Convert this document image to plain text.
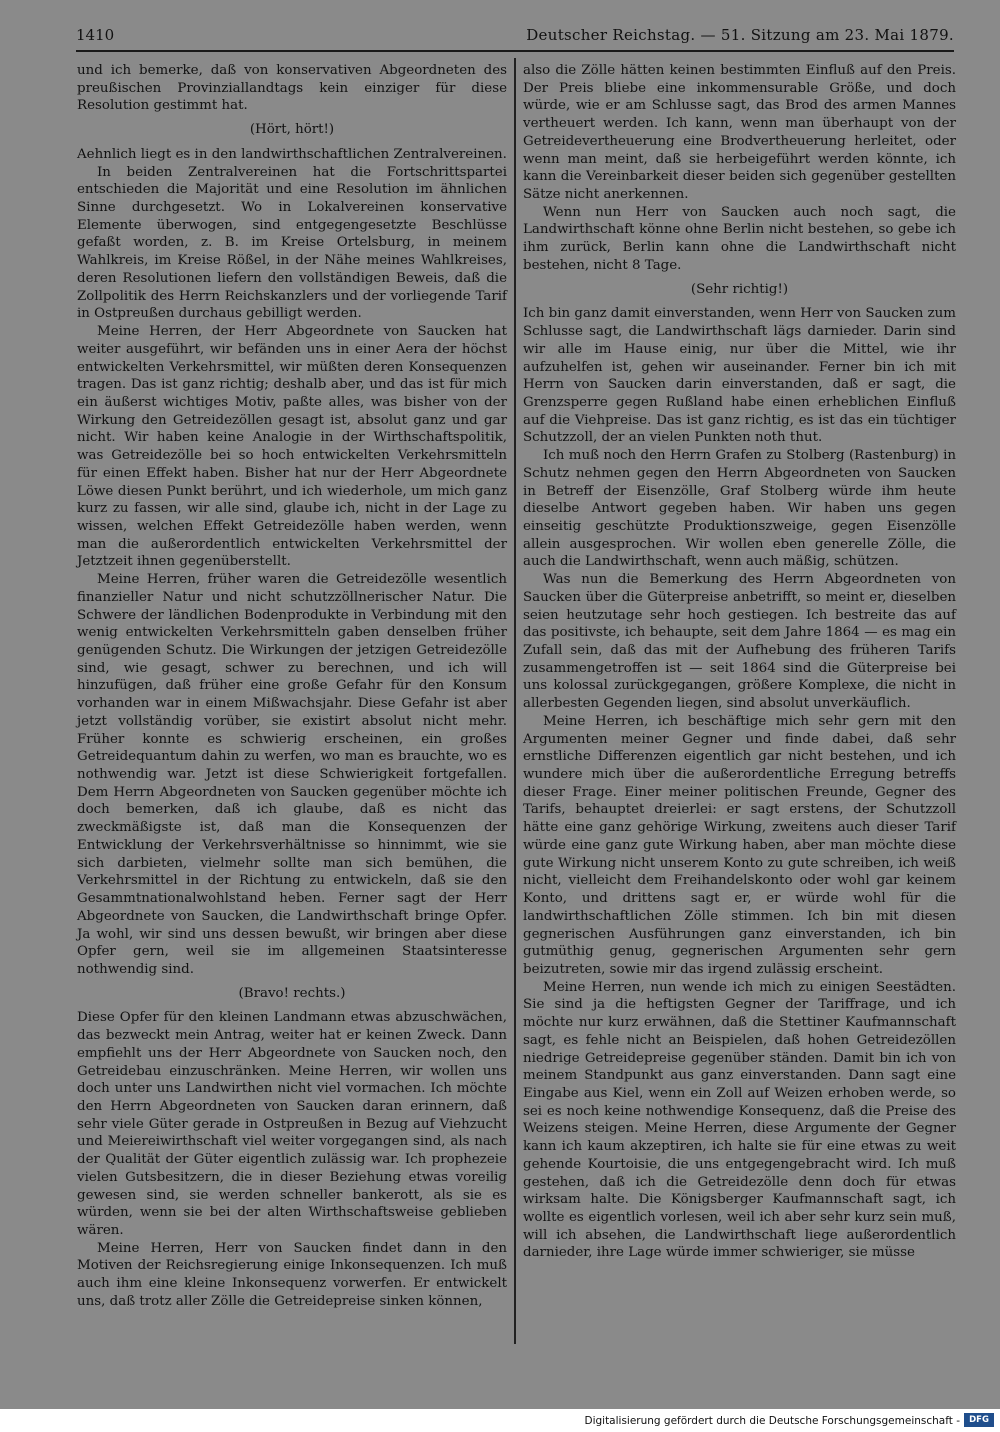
1410	Deutscher Reichstag. — 51. Sitzung am 23. Mai 1879.

und ich bemerke, daß von konservativen Abgeordneten des preußischen Provinziallandtags kein einziger für diese Resolution gestimmt hat.

(Hört, hört!)

Aehnlich liegt es in den landwirthschaftlichen Zentralvereinen.

In beiden Zentralvereinen hat die Fortschrittspartei entschieden die Majorität und eine Resolution im ähnlichen Sinne durchgesetzt. Wo in Lokalvereinen konservative Elemente überwogen, sind entgegengesetzte Beschlüsse gefaßt worden, z. B. im Kreise Ortelsburg, in meinem Wahlkreis, im Kreise Rößel, in der Nähe meines Wahlkreises, deren Resolutionen liefern den vollständigen Beweis, daß die Zollpolitik des Herrn Reichskanzlers und der vorliegende Tarif in Ostpreußen durchaus gebilligt werden.

Meine Herren, der Herr Abgeordnete von Saucken hat weiter ausgeführt, wir befänden uns in einer Aera der höchst entwickelten Verkehrsmittel, wir müßten deren Konsequenzen tragen. Das ist ganz richtig; deshalb aber, und das ist für mich ein äußerst wichtiges Motiv, paßte alles, was bisher von der Wirkung den Getreidezöllen gesagt ist, absolut ganz und gar nicht. Wir haben keine Analogie in der Wirthschaftspolitik, was Getreidezölle bei so hoch entwickelten Verkehrsmitteln für einen Effekt haben. Bisher hat nur der Herr Abgeordnete Löwe diesen Punkt berührt, und ich wiederhole, um mich ganz kurz zu fassen, wir alle sind, glaube ich, nicht in der Lage zu wissen, welchen Effekt Getreidezölle haben werden, wenn man die außerordentlich entwickelten Verkehrsmittel der Jetztzeit ihnen gegenüberstellt.

Meine Herren, früher waren die Getreidezölle wesentlich finanzieller Natur und nicht schutzzöllnerischer Natur. Die Schwere der ländlichen Bodenprodukte in Verbindung mit den wenig entwickelten Verkehrsmitteln gaben denselben früher genügenden Schutz. Die Wirkungen der jetzigen Getreidezölle sind, wie gesagt, schwer zu berechnen, und ich will hinzufügen, daß früher eine große Gefahr für den Konsum vorhanden war in einem Mißwachsjahr. Diese Gefahr ist aber jetzt vollständig vorüber, sie existirt absolut nicht mehr. Früher konnte es schwierig erscheinen, ein großes Getreidequantum dahin zu werfen, wo man es brauchte, wo es nothwendig war. Jetzt ist diese Schwierigkeit fortgefallen. Dem Herrn Abgeordneten von Saucken gegenüber möchte ich doch bemerken, daß ich glaube, daß es nicht das zweckmäßigste ist, daß man die Konsequenzen der Entwicklung der Verkehrsverhältnisse so hinnimmt, wie sie sich darbieten, vielmehr sollte man sich bemühen, die Verkehrsmittel in der Richtung zu entwickeln, daß sie den Gesammtnationalwohlstand heben. Ferner sagt der Herr Abgeordnete von Saucken, die Landwirthschaft bringe Opfer. Ja wohl, wir sind uns dessen bewußt, wir bringen aber diese Opfer gern, weil sie im allgemeinen Staatsinteresse nothwendig sind.

(Bravo! rechts.)

Diese Opfer für den kleinen Landmann etwas abzuschwächen, das bezweckt mein Antrag, weiter hat er keinen Zweck. Dann empfiehlt uns der Herr Abgeordnete von Saucken noch, den Getreidebau einzuschränken. Meine Herren, wir wollen uns doch unter uns Landwirthen nicht viel vormachen. Ich möchte den Herrn Abgeordneten von Saucken daran erinnern, daß sehr viele Güter gerade in Ostpreußen in Bezug auf Viehzucht und Meiereiwirthschaft viel weiter vorgegangen sind, als nach der Qualität der Güter eigentlich zulässig war. Ich prophezeie vielen Gutsbesitzern, die in dieser Beziehung etwas voreilig gewesen sind, sie werden schneller bankerott, als sie es würden, wenn sie bei der alten Wirthschaftsweise geblieben wären.

Meine Herren, Herr von Saucken findet dann in den Motiven der Reichsregierung einige Inkonsequenzen. Ich muß auch ihm eine kleine Inkonsequenz vorwerfen. Er entwickelt uns, daß trotz aller Zölle die Getreidepreise sinken können,

also die Zölle hätten keinen bestimmten Einfluß auf den Preis. Der Preis bliebe eine inkommensurable Größe, und doch würde, wie er am Schlusse sagt, das Brod des armen Mannes vertheuert werden. Ich kann, wenn man überhaupt von der Getreidevertheuerung eine Brodvertheuerung herleitet, oder wenn man meint, daß sie herbeigeführt werden könnte, ich kann die Vereinbarkeit dieser beiden sich gegenüber gestellten Sätze nicht anerkennen.

Wenn nun Herr von Saucken auch noch sagt, die Landwirthschaft könne ohne Berlin nicht bestehen, so gebe ich ihm zurück, Berlin kann ohne die Landwirthschaft nicht bestehen, nicht 8 Tage.

(Sehr richtig!)

Ich bin ganz damit einverstanden, wenn Herr von Saucken zum Schlusse sagt, die Landwirthschaft lägs darnieder. Darin sind wir alle im Hause einig, nur über die Mittel, wie ihr aufzuhelfen ist, gehen wir auseinander. Ferner bin ich mit Herrn von Saucken darin einverstanden, daß er sagt, die Grenzsperre gegen Rußland habe einen erheblichen Einfluß auf die Viehpreise. Das ist ganz richtig, es ist das ein tüchtiger Schutzzoll, der an vielen Punkten noth thut.

Ich muß noch den Herrn Grafen zu Stolberg (Rastenburg) in Schutz nehmen gegen den Herrn Abgeordneten von Saucken in Betreff der Eisenzölle, Graf Stolberg würde ihm heute dieselbe Antwort gegeben haben. Wir haben uns gegen einseitig geschützte Produktionszweige, gegen Eisenzölle allein ausgesprochen. Wir wollen eben generelle Zölle, die auch die Landwirthschaft, wenn auch mäßig, schützen.

Was nun die Bemerkung des Herrn Abgeordneten von Saucken über die Güterpreise anbetrifft, so meint er, dieselben seien heutzutage sehr hoch gestiegen. Ich bestreite das auf das positivste, ich behaupte, seit dem Jahre 1864 — es mag ein Zufall sein, daß das mit der Aufhebung des früheren Tarifs zusammengetroffen ist — seit 1864 sind die Güterpreise bei uns kolossal zurückgegangen, größere Komplexe, die nicht in allerbesten Gegenden liegen, sind absolut unverkäuflich.

Meine Herren, ich beschäftige mich sehr gern mit den Argumenten meiner Gegner und finde dabei, daß sehr ernstliche Differenzen eigentlich gar nicht bestehen, und ich wundere mich über die außerordentliche Erregung betreffs dieser Frage. Einer meiner politischen Freunde, Gegner des Tarifs, behauptet dreierlei: er sagt erstens, der Schutzzoll hätte eine ganz gehörige Wirkung, zweitens auch dieser Tarif würde eine ganz gute Wirkung haben, aber man möchte diese gute Wirkung nicht unserem Konto zu gute schreiben, ich weiß nicht, vielleicht dem Freihandelskonto oder wohl gar keinem Konto, und drittens sagt er, er würde wohl für die landwirthschaftlichen Zölle stimmen. Ich bin mit diesen gegnerischen Ausführungen ganz einverstanden, ich bin gutmüthig genug, gegnerischen Argumenten sehr gern beizutreten, sowie mir das irgend zulässig erscheint.

Meine Herren, nun wende ich mich zu einigen Seestädten. Sie sind ja die heftigsten Gegner der Tariffrage, und ich möchte nur kurz erwähnen, daß die Stettiner Kaufmannschaft sagt, es fehle nicht an Beispielen, daß hohen Getreidezöllen niedrige Getreidepreise gegenüber ständen. Damit bin ich von meinem Standpunkt aus ganz einverstanden. Dann sagt eine Eingabe aus Kiel, wenn ein Zoll auf Weizen erhoben werde, so sei es noch keine nothwendige Konsequenz, daß die Preise des Weizens steigen. Meine Herren, diese Argumente der Gegner kann ich kaum akzeptiren, ich halte sie für eine etwas zu weit gehende Kourtoisie, die uns entgegengebracht wird. Ich muß gestehen, daß ich die Getreidezölle denn doch für etwas wirksam halte. Die Königsberger Kaufmannschaft sagt, ich wollte es eigentlich vorlesen, weil ich aber sehr kurz sein muß, will ich absehen, die Landwirthschaft liege außerordentlich darnieder, ihre Lage würde immer schwieriger, sie müsse

Digitalisierung gefördert durch die Deutsche Forschungsgemeinschaft -	DFG
